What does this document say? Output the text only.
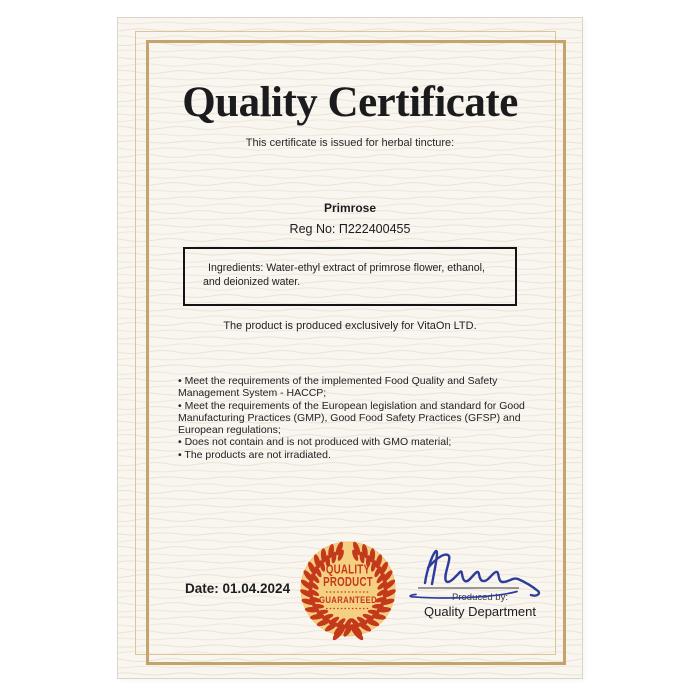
Quality Certificate

This certificate is issued for herbal tincture:

Primrose

Reg No: П222400455

Ingredients: Water-ethyl extract of primrose flower, ethanol, and deionized water.

The product is produced exclusively for VitaOn LTD.

• Meet the requirements of the implemented Food Quality and Safety Management System - HACCP;

• Meet the requirements of the European legislation and standard for Good Manufacturing Practices (GMP), Good Food Safety Practices (GFSP) and European regulations;

• Does not contain and is not produced with GMO material;

• The products are not irradiated.

Date: 01.04.2024

QUALITY
PRODUCT
GUARANTEED	Produced by:

Quality Department
